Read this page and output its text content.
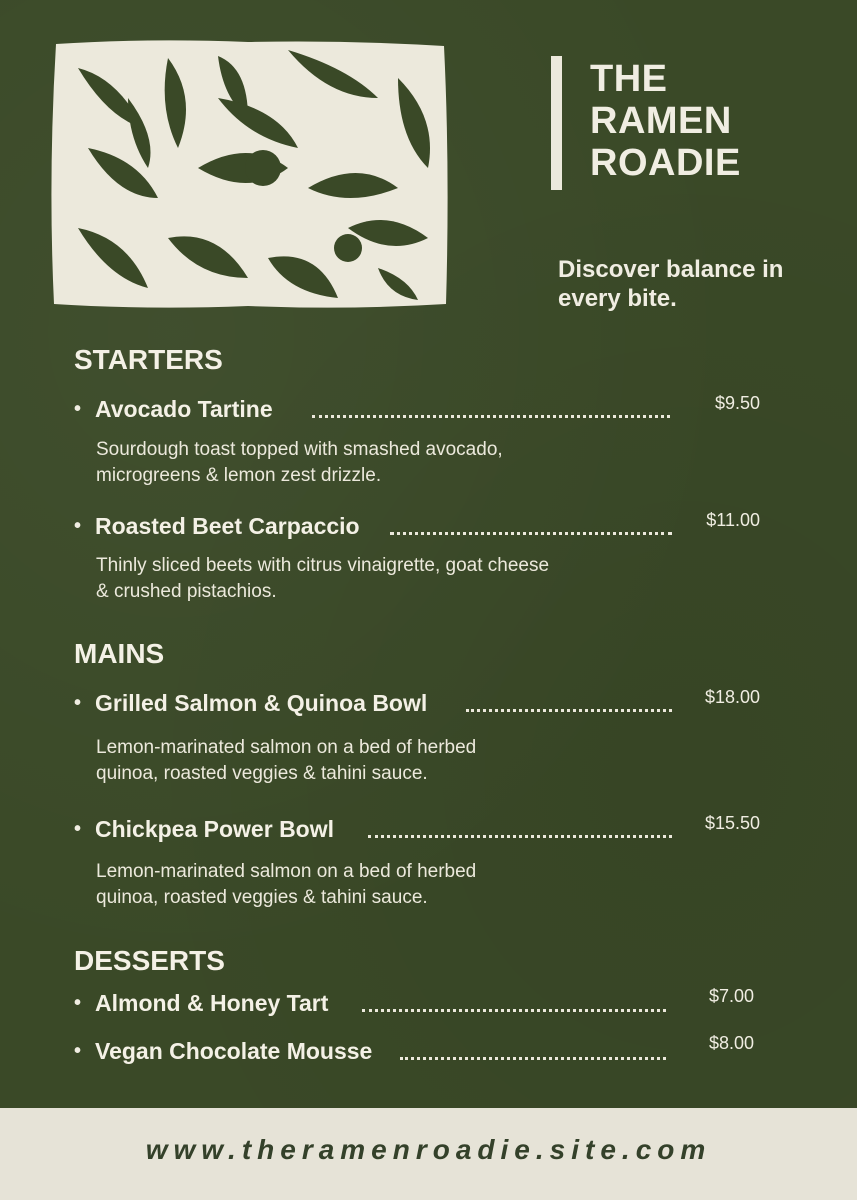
THE
RAMEN
ROADIE
Discover balance in every bite.
STARTERS
• Avocado Tartine	$9.50
Sourdough toast topped with smashed avocado, microgreens & lemon zest drizzle.
• Roasted Beet Carpaccio	$11.00
Thinly sliced beets with citrus vinaigrette, goat cheese & crushed pistachios.
MAINS
• Grilled Salmon & Quinoa Bowl	$18.00
Lemon-marinated salmon on a bed of herbed quinoa, roasted veggies & tahini sauce.
• Chickpea Power Bowl	$15.50
Lemon-marinated salmon on a bed of herbed quinoa, roasted veggies & tahini sauce.
DESSERTS
• Almond & Honey Tart	$7.00
• Vegan Chocolate Mousse	$8.00
www.theramenroadie.site.com
